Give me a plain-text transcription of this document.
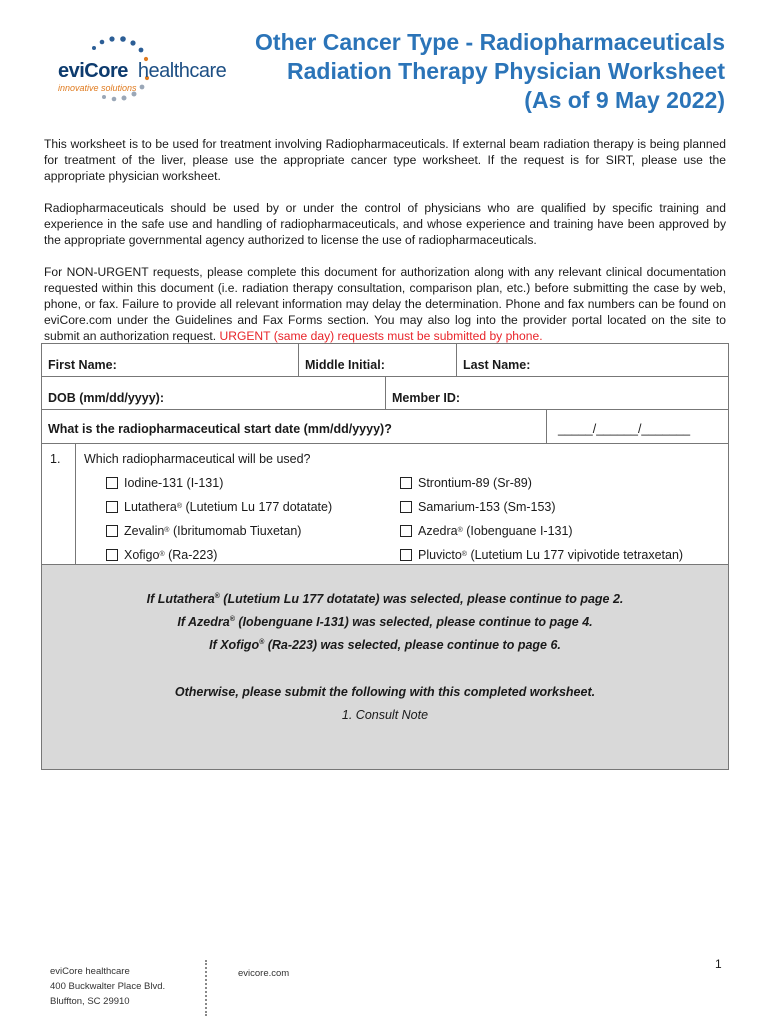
eviCore healthcare
innovative solutions
Other Cancer Type - Radiopharmaceuticals
Radiation Therapy Physician Worksheet
(As of 9 May 2022)

This worksheet is to be used for treatment involving Radiopharmaceuticals. If external beam radiation therapy is being planned for treatment of the liver, please use the appropriate cancer type worksheet. If the request is for SIRT, please use the appropriate physician worksheet.

Radiopharmaceuticals should be used by or under the control of physicians who are qualified by specific training and experience in the safe use and handling of radiopharmaceuticals, and whose experience and training have been approved by the appropriate governmental agency authorized to license the use of radiopharmaceuticals.

For NON-URGENT requests, please complete this document for authorization along with any relevant clinical documentation requested within this document (i.e. radiation therapy consultation, comparison plan, etc.) before submitting the case by web, phone, or fax. Failure to provide all relevant information may delay the determination. Phone and fax numbers can be found on eviCore.com under the Guidelines and Fax Forms section. You may also log into the provider portal located on the site to submit an authorization request. URGENT (same day) requests must be submitted by phone.

First Name:	Middle Initial:	Last Name:
DOB (mm/dd/yyyy):	Member ID:
What is the radiopharmaceutical start date (mm/dd/yyyy)?	_____/______/_______
1. Which radiopharmaceutical will be used?
Iodine-131 (I-131)
Lutathera ®
(Lutetium Lu 177 dotatate)
Zevalin ®
(Ibritumomab Tiuxetan)
Xofigo ®
(Ra-223)
Strontium-89 (Sr-89)
Samarium-153 (Sm-153)
Azedra ®
(Iobenguane I-131)
Pluvicto ®
(Lutetium Lu 177 vipivotide tetraxetan)
If Lutathera® (Lutetium Lu 177 dotatate) was selected, please continue to page 2.
If Azedra® (Iobenguane I-131) was selected, please continue to page 4.
If Xofigo® (Ra-223) was selected, please continue to page 6.
Otherwise, please submit the following with this completed worksheet.
1. Consult Note
1
eviCore healthcare
400 Buckwalter Place Blvd.
Bluffton, SC 29910
evicore.com
